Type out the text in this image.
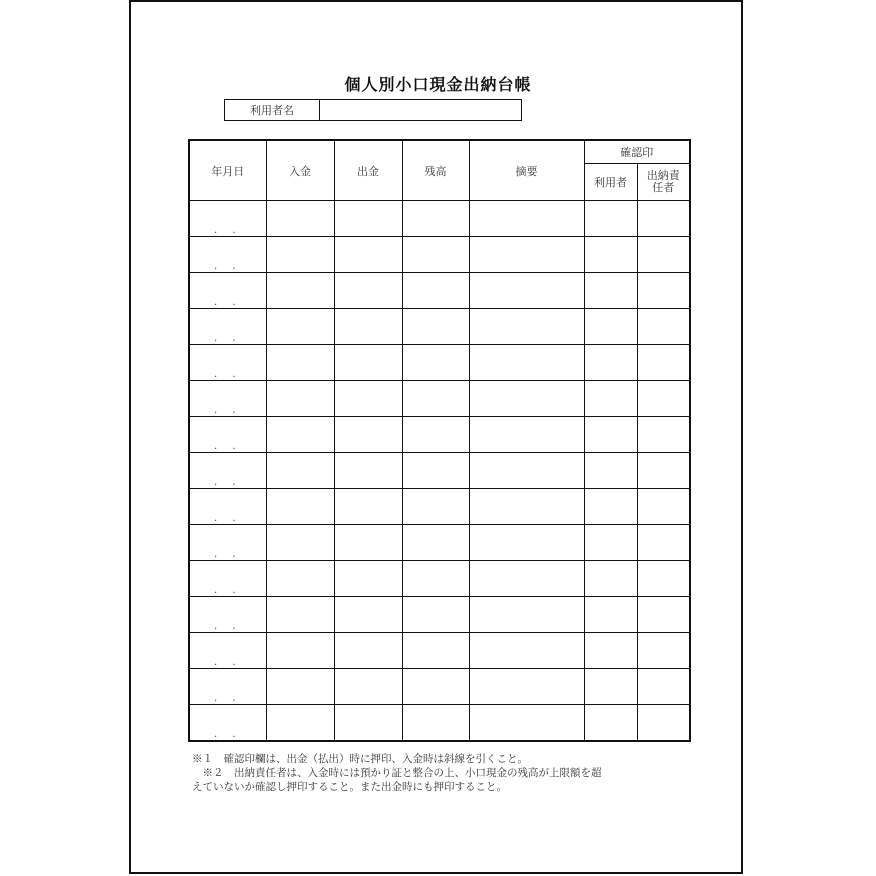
個人別小口現金出納台帳
利用者名
年月日	入金	出金	残高	摘要	確認印	
					利用者	出納責任者
. .						
. .						
. .						
. .						
. .						
. .						
. .						
. .						
. .						
. .						
. .						
. .						
. .						
. .						
. .						

※１　確認印欄は、出金（払出）時に押印、入金時は斜線を引くこと。

　※２　出納責任者は、入金時には預かり証と整合の上、小口現金の残高が上限額を超

えていないか確認し押印すること。また出金時にも押印すること。
